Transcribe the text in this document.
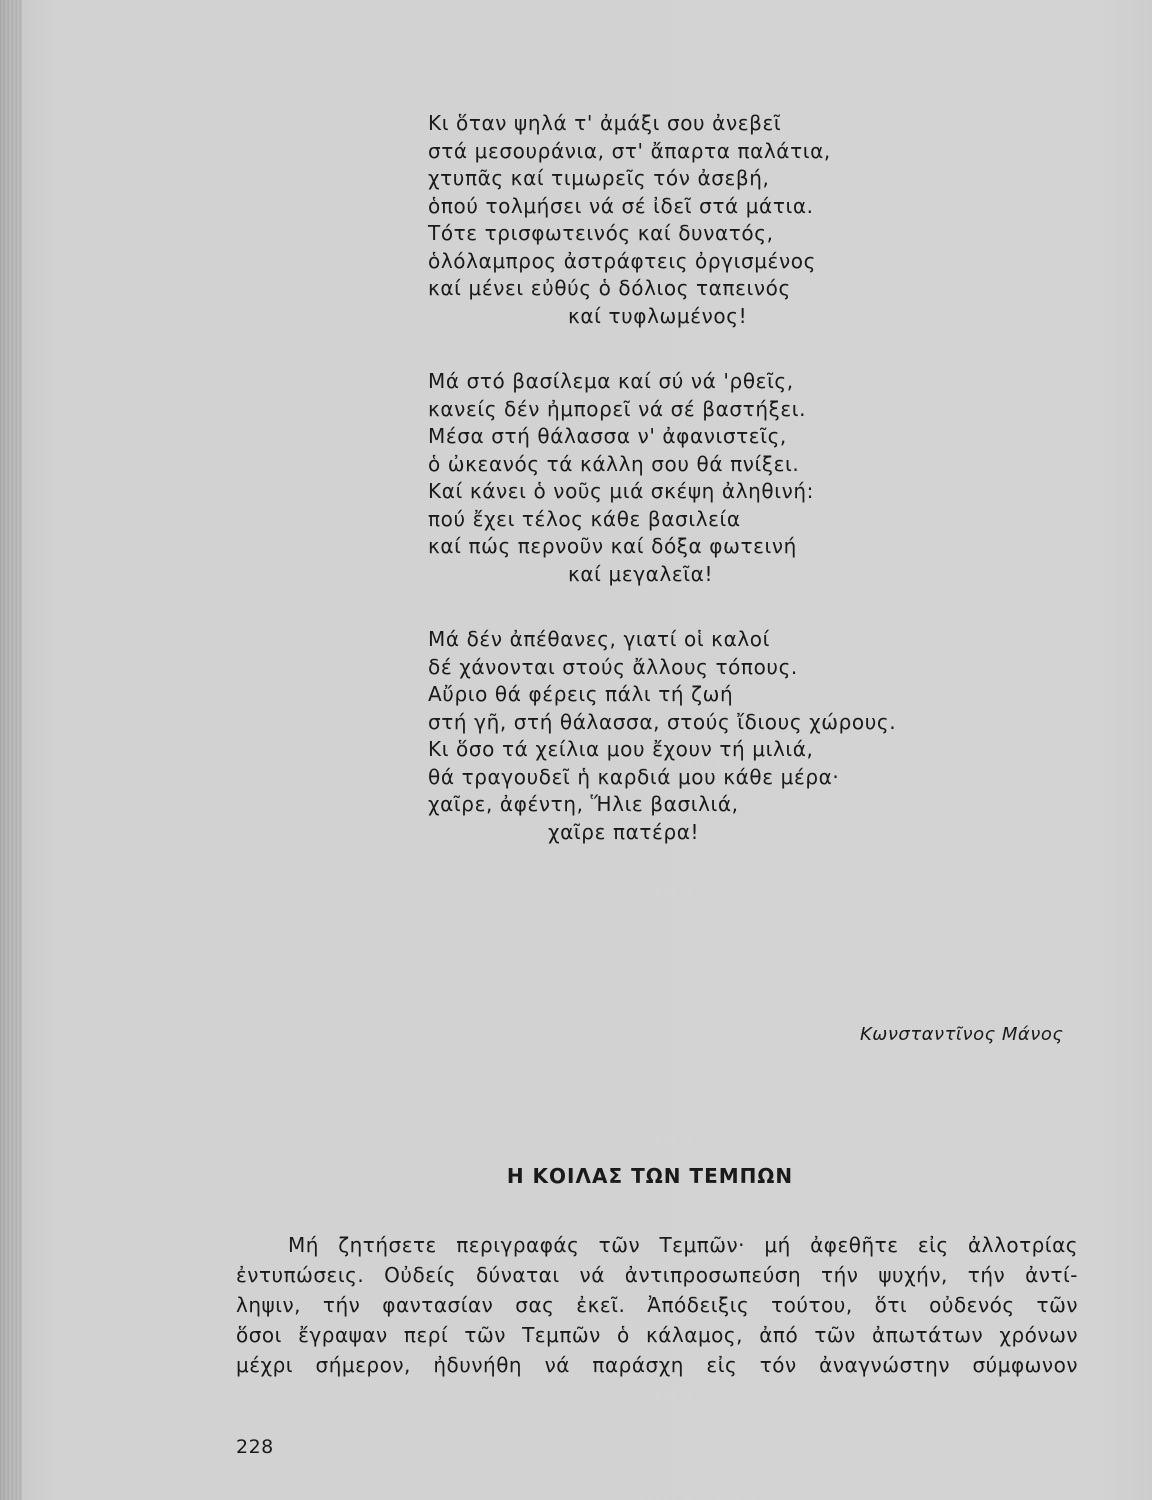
Κι ὅταν ψηλά τ' ἀμάξι σου ἀνεβεῖ
στά μεσουράνια, στ' ἄπαρτα παλάτια,
χτυπᾶς καί τιμωρεῖς τόν ἀσεβή,
ὁπού τολμήσει νά σέ ἰδεῖ στά μάτια.
Τότε τρισφωτεινός καί δυνατός,
ὁλόλαμπρος ἀστράφτεις ὀργισμένος
καί μένει εὐθύς ὁ δόλιος ταπεινός
καί τυφλωμένος!
Μά στό βασίλεμα καί σύ νά 'ρθεῖς,
κανείς δέν ἠμπορεῖ νά σέ βαστήξει.
Μέσα στή θάλασσα ν' ἀφανιστεῖς,
ὁ ὠκεανός τά κάλλη σου θά πνίξει.
Καί κάνει ὁ νοῦς μιά σκέψη ἀληθινή:
πού ἔχει τέλος κάθε βασιλεία
καί πώς περνοῦν καί δόξα φωτεινή
καί μεγαλεῖα!
Μά δέν ἀπέθανες, γιατί οἱ καλοί
δέ χάνονται στούς ἄλλους τόπους.
Αὔριο θά φέρεις πάλι τή ζωή
στή γῆ, στή θάλασσα, στούς ἴδιους χώρους.
Κι ὅσο τά χείλια μου ἔχουν τή μιλιά,
θά τραγουδεῖ ἡ καρδιά μου κάθε μέρα·
χαῖρε, ἀφέντη, Ἥλιε βασιλιά,
χαῖρε πατέρα!
Κωνσταντῖνος Μάνος
Η ΚΟΙΛΑΣ ΤΩΝ ΤΕΜΠΩΝ
Μή ζητήσετε περιγραφάς τῶν Τεμπῶν· μή ἀφεθῆτε εἰς ἀλλοτρίας
ἐντυπώσεις. Οὐδείς δύναται νά ἀντιπροσωπεύση τήν ψυχήν, τήν ἀντί-
ληψιν, τήν φαντασίαν σας ἐκεῖ. Ἀπόδειξις τούτου, ὅτι οὐδενός τῶν
ὅσοι ἔγραψαν περί τῶν Τεμπῶν ὁ κάλαμος, ἀπό τῶν ἀπωτάτων χρόνων
μέχρι σήμερον, ἠδυνήθη νά παράσχη εἰς τόν ἀναγνώστην σύμφωνον
228
